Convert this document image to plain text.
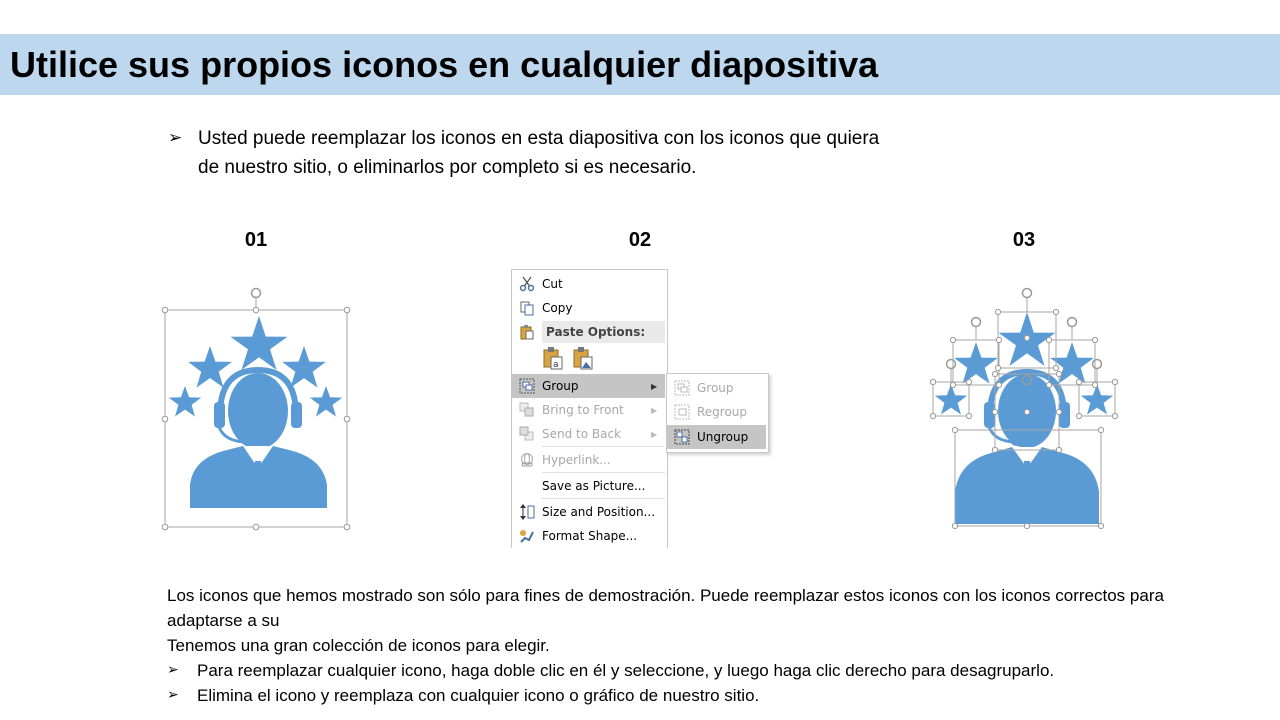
Utilice sus propios iconos en cualquier diapositiva
➢ Usted puede reemplazar los iconos en esta diapositiva con los iconos que quiera de nuestro sitio, o eliminarlos por completo si es necesario.
01	02	03
Cut
Copy
Paste Options:
a
Group	▶
Bring to Front	▶
Send to Back	▶
Hyperlink...
Save as Picture...
Size and Position...
Format Shape...
Group
Regroup
Ungroup

Los iconos que hemos mostrado son sólo para fines de demostración. Puede reemplazar estos iconos con los iconos correctos para adaptarse a su

Tenemos una gran colección de iconos para elegir.

➢	Para reemplazar cualquier icono, haga doble clic en él y seleccione, y luego haga clic derecho para desagruparlo.
➢	Elimina el icono y reemplaza con cualquier icono o gráfico de nuestro sitio.
